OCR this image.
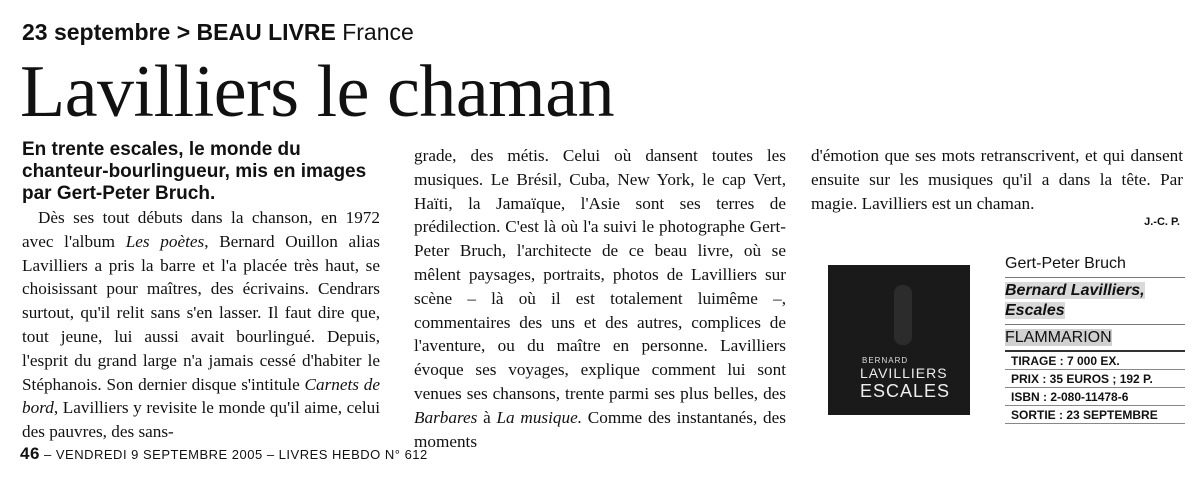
23 septembre > BEAU LIVRE France
Lavilliers le chaman
En trente escales, le monde du chanteur-bourlingueur, mis en images par Gert-Peter Bruch.

Dès ses tout débuts dans la chanson, en 1972 avec l'album Les poètes, Bernard Ouillon alias Lavilliers a pris la barre et l'a placée très haut, se choisissant pour maîtres, des écrivains. Cendrars surtout, qu'il relit sans s'en lasser. Il faut dire que, tout jeune, lui aussi avait bourlingué. Depuis, l'esprit du grand large n'a jamais cessé d'habiter le Stéphanois. Son dernier disque s'intitule Carnets de bord, Lavilliers y revisite le monde qu'il aime, celui des pauvres, des sans-

grade, des métis. Celui où dansent toutes les musiques. Le Brésil, Cuba, New York, le cap Vert, Haïti, la Jamaïque, l'Asie sont ses terres de prédilection. C'est là où l'a suivi le photographe Gert-Peter Bruch, l'architecte de ce beau livre, où se mêlent paysages, portraits, photos de Lavilliers sur scène – là où il est totalement luimême –, commentaires des uns et des autres, complices de l'aventure, ou du maître en personne. Lavilliers évoque ses voyages, explique comment lui sont venues ses chansons, trente parmi ses plus belles, des Barbares à La musique. Comme des instantanés, des moments

d'émotion que ses mots retranscrivent, et qui dansent ensuite sur les musiques qu'il a dans la tête. Par magie. Lavilliers est un chaman.

J.-C. P.
BERNARD
LAVILLIERS
ESCALES
Gert-Peter Bruch
Bernard Lavilliers,
Escales
FLAMMARION
TIRAGE : 7 000 EX.
PRIX : 35 EUROS ; 192 P.
ISBN : 2-080-11478-6
SORTIE : 23 SEPTEMBRE
46 – VENDREDI 9 SEPTEMBRE 2005 – LIVRES HEBDO N° 612
